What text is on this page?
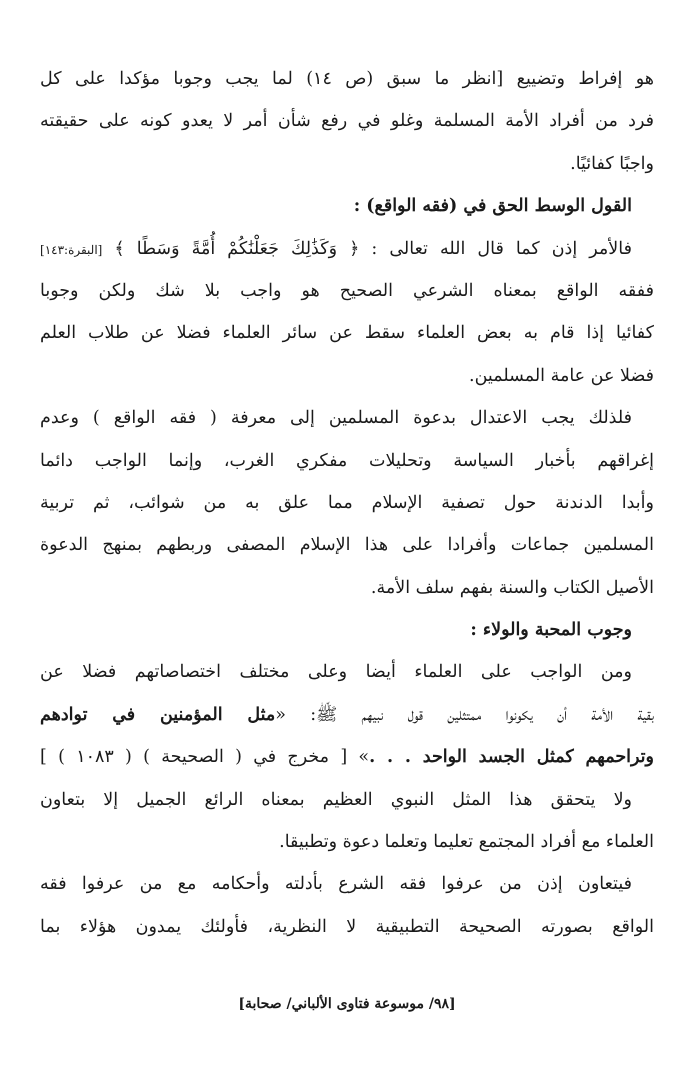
هو إفراط وتضييع [انظر ما سبق (ص ١٤) لما يجب وجوبا مؤكدا على كل
فرد من أفراد الأمة المسلمة وغلو في رفع شأن أمر لا يعدو كونه على حقيقته
واجبًا كفائيًا.
القول الوسط الحق في (فقه الواقع) :
فالأمر إذن كما قال الله تعالى : ﴿ وَكَذَٰلِكَ جَعَلْنَٰكُمْ أُمَّةً وَسَطًا ﴾ [البقرة:١٤٣]
ففقه الواقع بمعناه الشرعي الصحيح هو واجب بلا شك ولكن وجوبا
كفائيا إذا قام به بعض العلماء سقط عن سائر العلماء فضلا عن طلاب العلم
فضلا عن عامة المسلمين.
فلذلك يجب الاعتدال بدعوة المسلمين إلى معرفة ( فقه الواقع ) وعدم
إغراقهم بأخبار السياسة وتحليلات مفكري الغرب، وإنما الواجب دائما
وأبدا الدندنة حول تصفية الإسلام مما علق به من شوائب، ثم تربية
المسلمين جماعات وأفرادا على هذا الإسلام المصفى وربطهم بمنهج الدعوة
الأصيل الكتاب والسنة بفهم سلف الأمة.
وجوب المحبة والولاء :
ومن الواجب على العلماء أيضا وعلى مختلف اختصاصاتهم فضلا عن
بقية الأمة أن يكونوا ممتثلين قول نبيهم ﷺ: «مثل المؤمنين في توادهم
وتراحمهم كمثل الجسد الواحد . . .» [ مخرج في ( الصحيحة ) ( ١٠٨٣ ) ]
ولا يتحقق هذا المثل النبوي العظيم بمعناه الرائع الجميل إلا بتعاون
العلماء مع أفراد المجتمع تعليما وتعلما دعوة وتطبيقا.
فيتعاون إذن من عرفوا فقه الشرع بأدلته وأحكامه مع من عرفوا فقه
الواقع بصورته الصحيحة التطبيقية لا النظرية، فأولئك يمدون هؤلاء بما
[٩٨/ موسوعة فتاوى الألباني/ صحابة]
